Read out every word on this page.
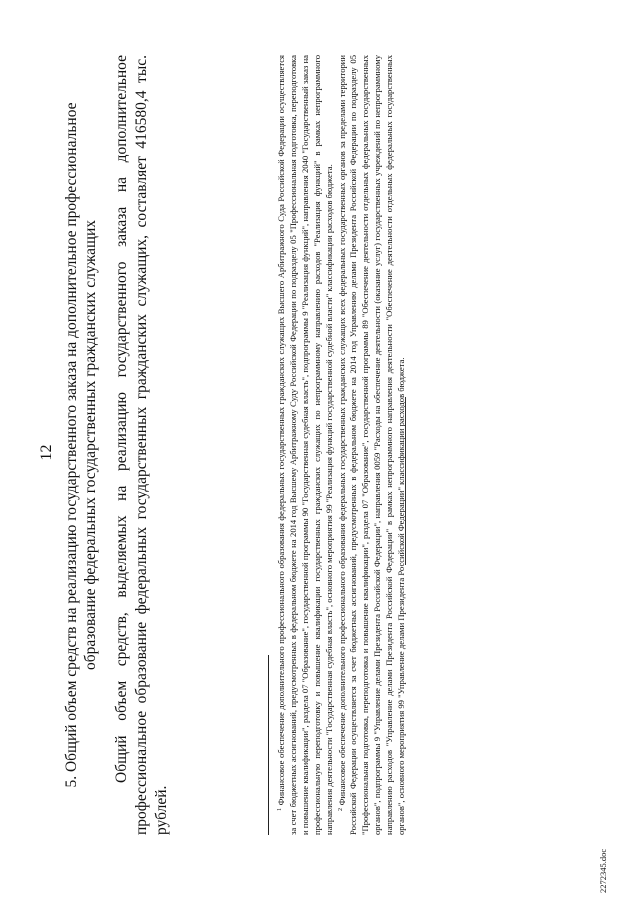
12 5. Общий объем средств на реализацию государственного заказа на дополнительное профессиональное образование федеральных государственных гражданских служащих Общий объем средств, выделяемых на реализацию государственного заказа на дополнительное профессиональное образование федеральных государственных гражданских служащих, составляет 416580,4 тыс. рублей.	$^1$ Финансовое обеспечение дополнительного профессионального образования федеральных государственных гражданских служащих Высшего Арбитражного Суда Российской Федерации осуществляется за счет бюджетных ассигнований, предусмотренных в федеральном бюджете на 2014 год Высшему Арбитражному Суду Российской Федерации по подразделу 05 "Профессиональная подготовка, переподготовка и повышение квалификации", раздела 07 "Образование", государственной программы 90 "Государственная судебная власть", подпрограммы 9 "Реализация функций", направления 2040 "Государственный заказ на профессиональную переподготовку и повышение квалификации государственных гражданских служащих по непрограммному направлению расходов "Реализация функций" в рамках непрограммного направления деятельности "Государственная судебная власть", основного мероприятия 99 "Реализация функций государственной судебной власти" классификации расходов бюджета. $^2$ Финансовое обеспечение дополнительного профессионального образования федеральных государственных гражданских служащих всех федеральных государственных органов за пределами территории Российской Федерации осуществляется за счет бюджетных ассигнований, предусмотренных в федеральном бюджете на 2014 год Управлению делами Президента Российской Федерации по подразделу 05 "Профессиональная подготовка, переподготовка и повышение квалификации", раздела 07 "Образование", государственной программы 89 "Обеспечение деятельности отдельных федеральных государственных органов", подпрограммы 9 "Управление делами Президента Российской Федерации", направления 0059 "Расходы на обеспечение деятельности (оказание услуг) государственных учреждений по непрограммному направлению расходов "Управление делами Президента Российской Федерации" в рамках непрограммного направления деятельности "Обеспечение деятельности отдельных федеральных государственных органов", основного мероприятия 99 "Управление делами Президента Российской Федерации" классификации расходов бюджета.

2272345.doc
